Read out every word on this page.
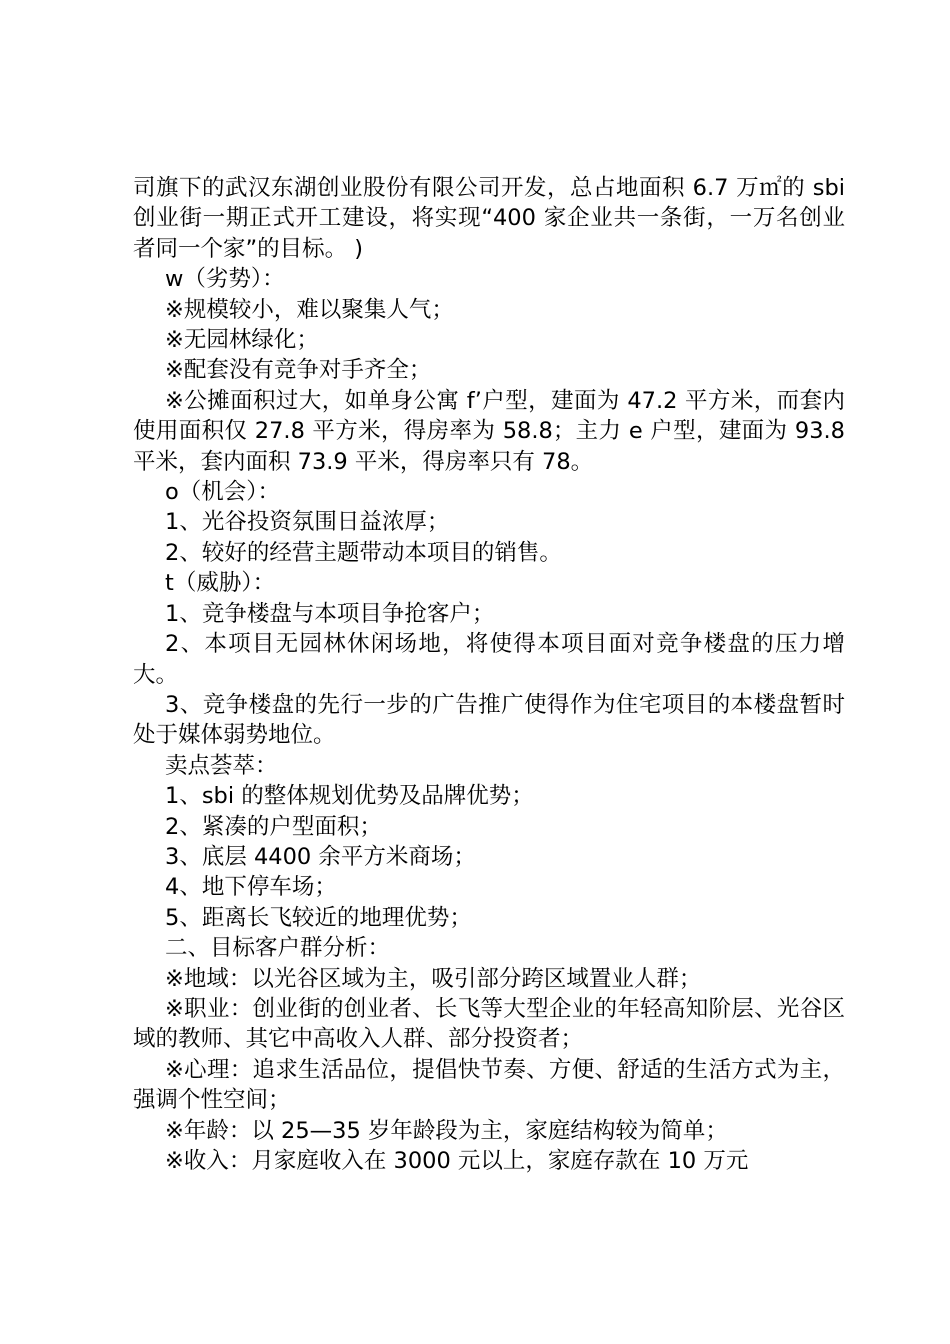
司旗下的武汉东湖创业股份有限公司开发，总占地面积 6.7 万㎡的 sbi 创业街一期正式开工建设，将实现“400 家企业共一条街，一万名创业者同一个家”的目标。 )

w（劣势）：

※规模较小，难以聚集人气；

※无园林绿化；

※配套没有竞争对手齐全；

※公摊面积过大，如单身公寓 f’户型，建面为 47.2 平方米，而套内使用面积仅 27.8 平方米，得房率为 58.8；主力 e 户型，建面为 93.8 平米，套内面积 73.9 平米，得房率只有 78。

o（机会）：

1、光谷投资氛围日益浓厚；

2、较好的经营主题带动本项目的销售。

t（威胁）：

1、竞争楼盘与本项目争抢客户；

2、本项目无园林休闲场地，将使得本项目面对竞争楼盘的压力增大。

3、竞争楼盘的先行一步的广告推广使得作为住宅项目的本楼盘暂时处于媒体弱势地位。

卖点荟萃：

1、sbi 的整体规划优势及品牌优势；

2、紧凑的户型面积；

3、底层 4400 余平方米商场；

4、地下停车场；

5、距离长飞较近的地理优势；

二、目标客户群分析：

※地域：以光谷区域为主，吸引部分跨区域置业人群；

※职业：创业街的创业者、长飞等大型企业的年轻高知阶层、光谷区域的教师、其它中高收入人群、部分投资者；

※心理：追求生活品位，提倡快节奏、方便、舒适的生活方式为主，强调个性空间；

※年龄：以 25—35 岁年龄段为主，家庭结构较为简单；

※收入：月家庭收入在 3000 元以上，家庭存款在 10 万元
